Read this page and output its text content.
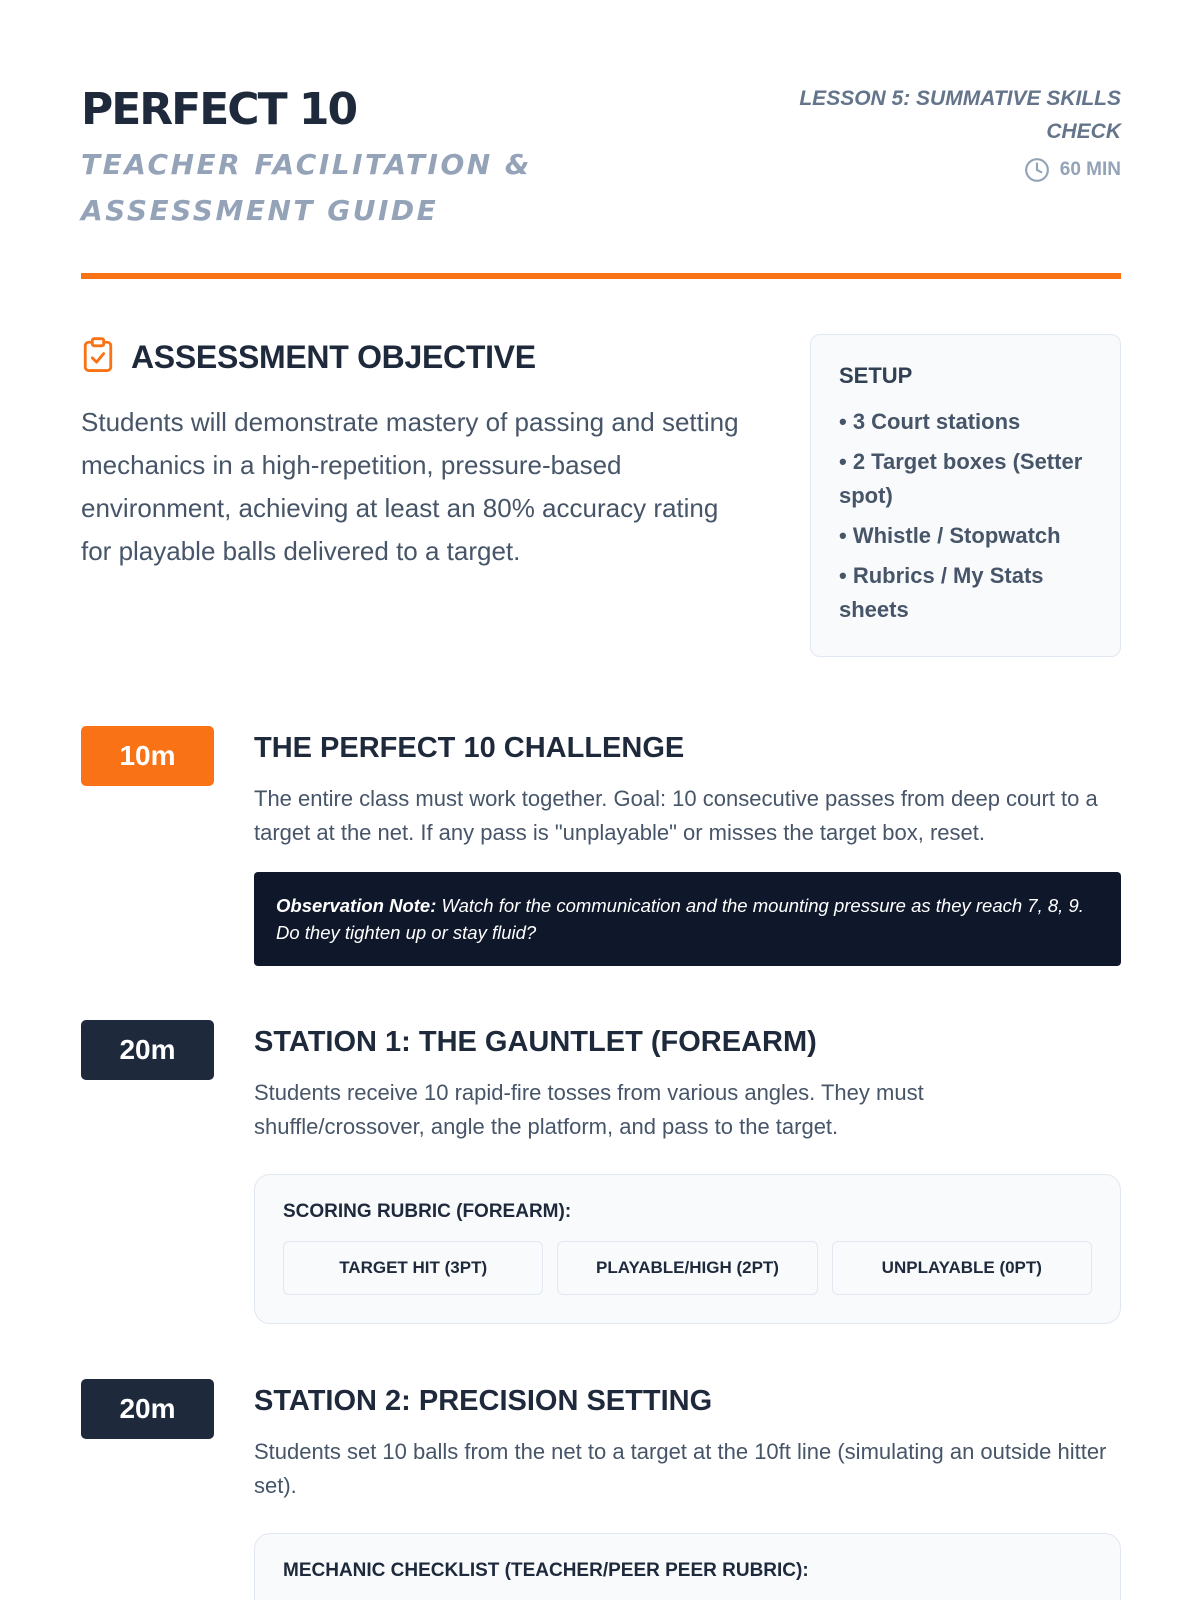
PERFECT 10
TEACHER FACILITATION & ASSESSMENT GUIDE
LESSON 5: SUMMATIVE SKILLS CHECK
60 MIN
ASSESSMENT OBJECTIVE

Students will demonstrate mastery of passing and setting mechanics in a high-repetition, pressure-based environment, achieving at least an 80% accuracy rating for playable balls delivered to a target.

SETUP
• 3 Court stations
• 2 Target boxes (Setter spot)
• Whistle / Stopwatch
• Rubrics / My Stats sheets
10m	THE PERFECT 10 CHALLENGE

The entire class must work together. Goal: 10 consecutive passes from deep court to a target at the net. If any pass is "unplayable" or misses the target box, reset.

Observation Note: Watch for the communication and the mounting pressure as they reach 7, 8, 9. Do they tighten up or stay fluid?
20m	STATION 1: THE GAUNTLET (FOREARM)

Students receive 10 rapid-fire tosses from various angles. They must shuffle/crossover, angle the platform, and pass to the target.

SCORING RUBRIC (FOREARM):
TARGET HIT (3PT)	PLAYABLE/HIGH (2PT)	UNPLAYABLE (0PT)
20m	STATION 2: PRECISION SETTING

Students set 10 balls from the net to a target at the 10ft line (simulating an outside hitter set).

MECHANIC CHECKLIST (TEACHER/PEER PEER RUBRIC):
